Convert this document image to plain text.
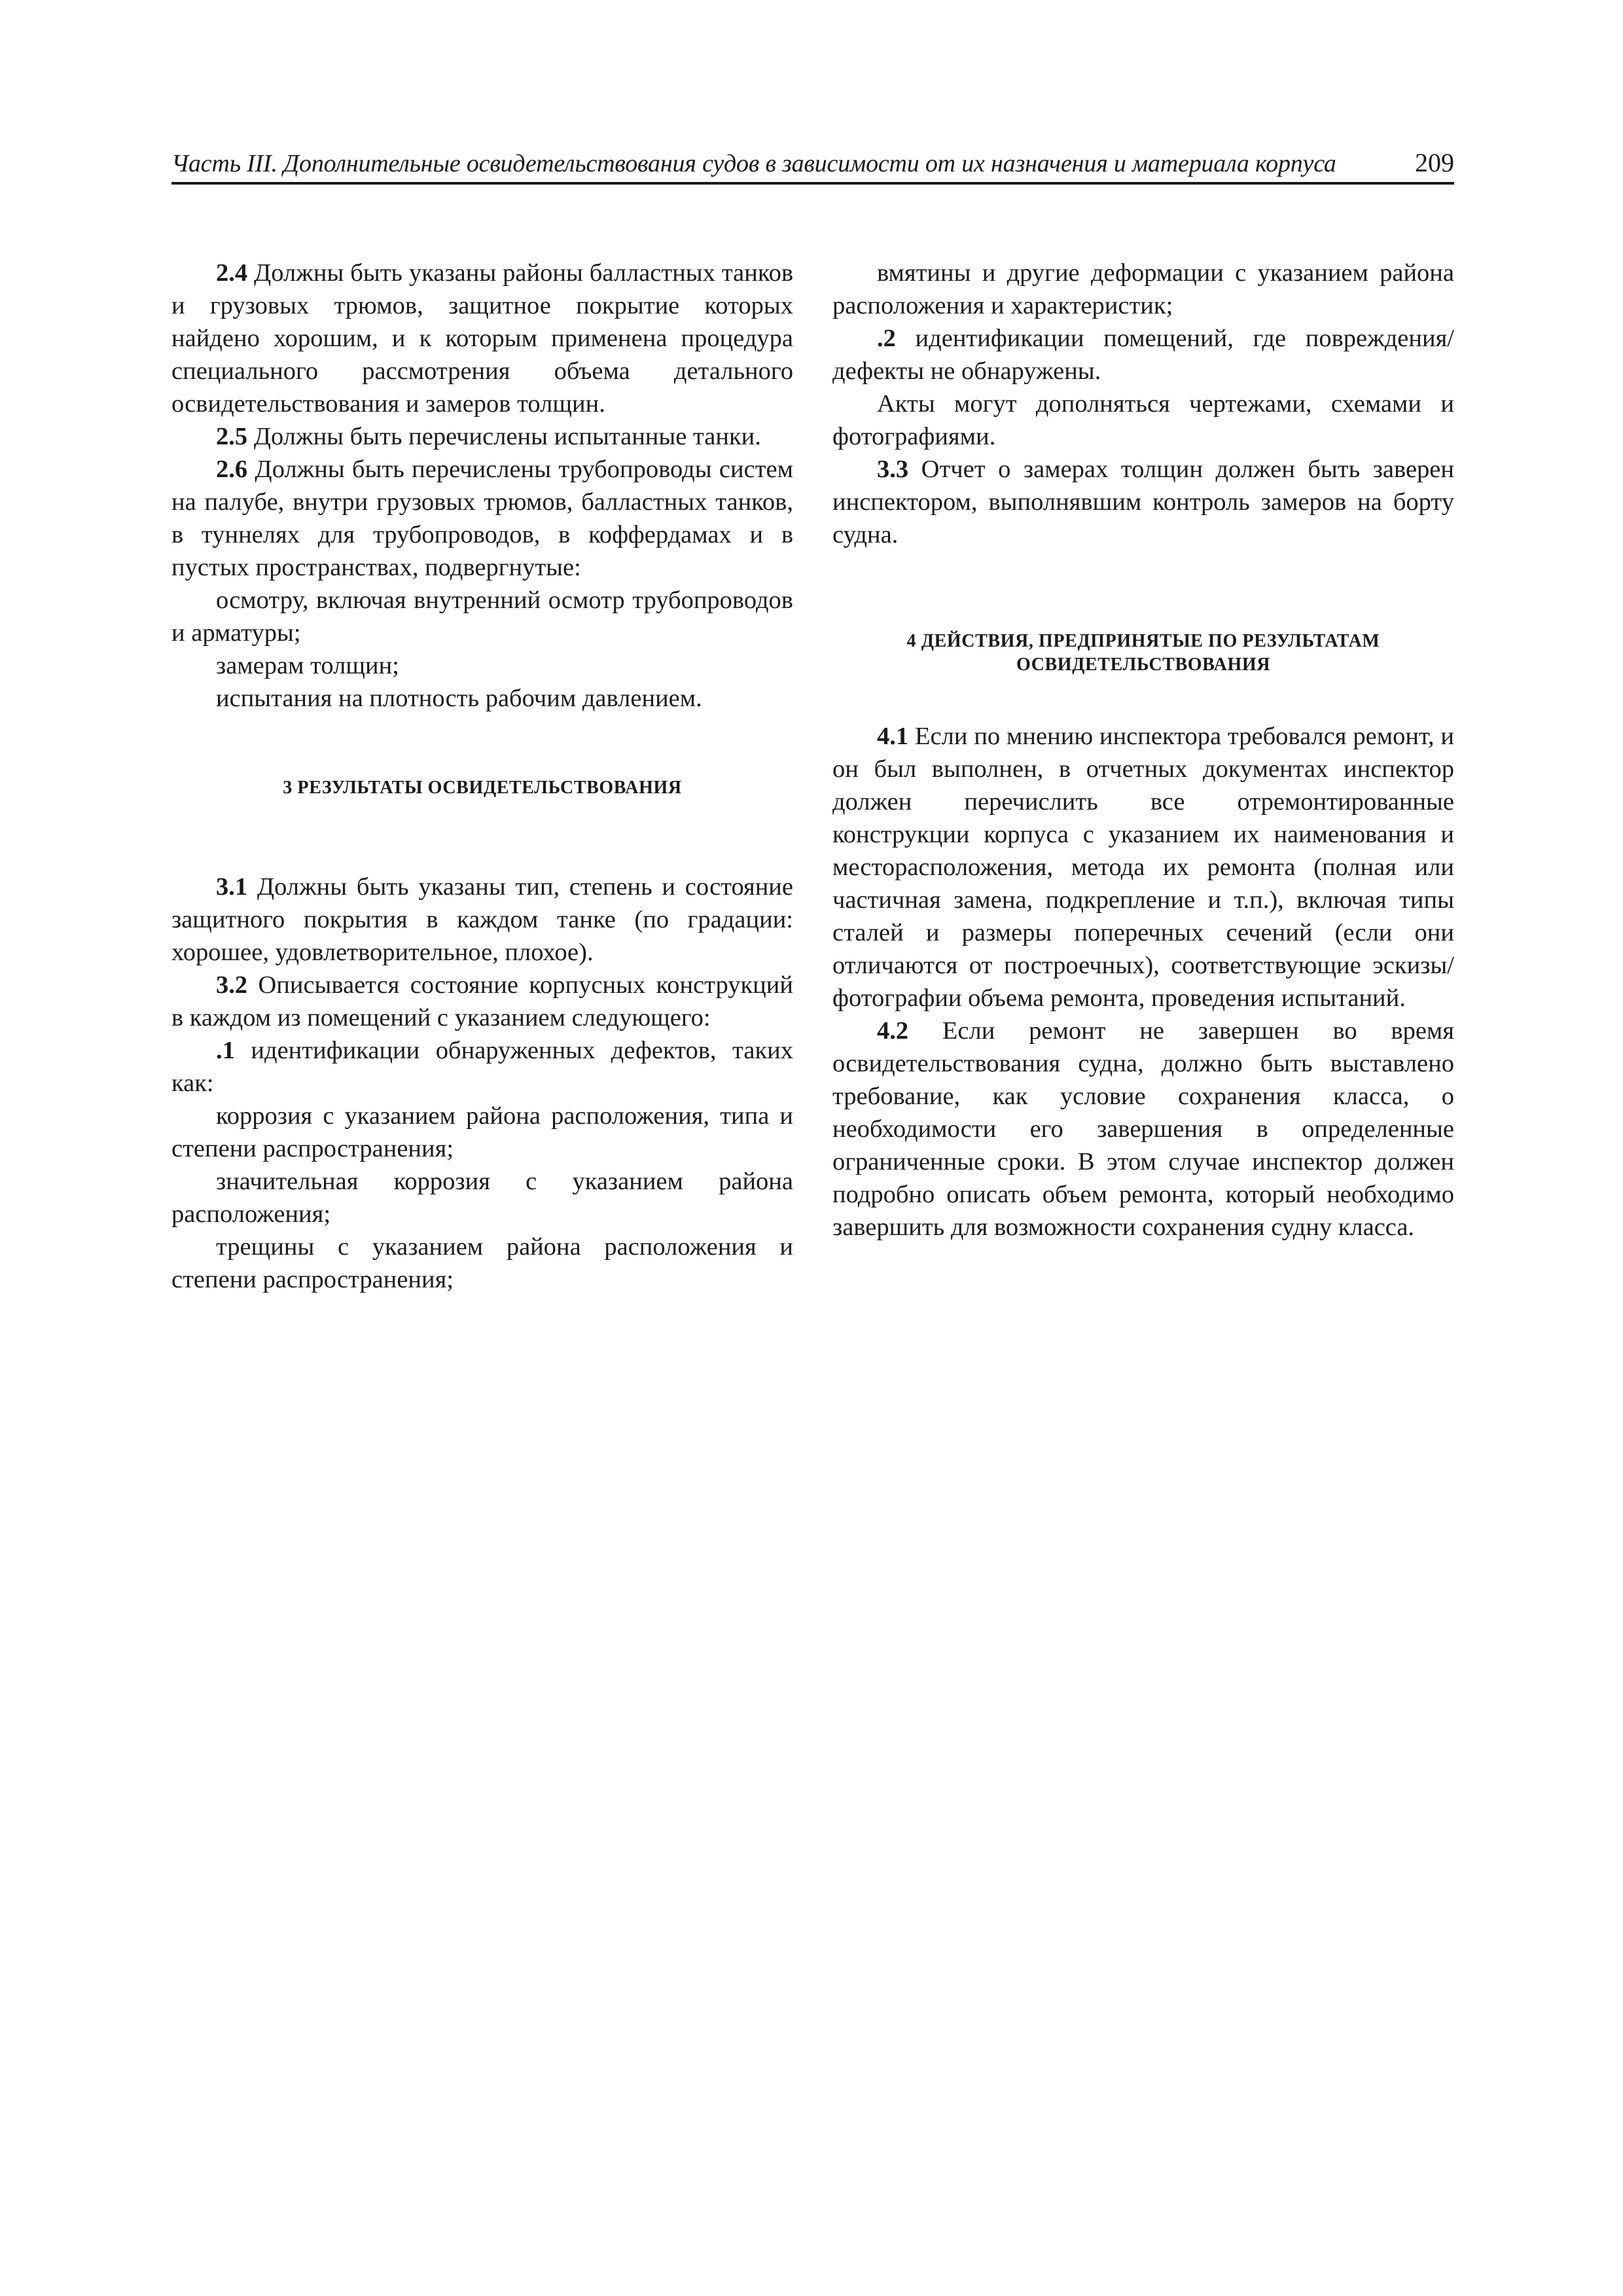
Часть III. Дополнительные освидетельствования судов в зависимости от их назначения и материала корпуса	209

2.4 Должны быть указаны районы балластных танков и грузовых трюмов, защитное покрытие которых найдено хорошим, и к которым применена процедура специального рассмотрения объема детального освидетельствования и замеров толщин.

2.5 Должны быть перечислены испытанные танки.

2.6 Должны быть перечислены трубопроводы систем на палубе, внутри грузовых трюмов, балластных танков, в туннелях для трубопроводов, в коффердамах и в пустых пространствах, подвергнутые:

осмотру, включая внутренний осмотр трубопроводов и арматуры;

замерам толщин;

испытания на плотность рабочим давлением.

3 РЕЗУЛЬТАТЫ ОСВИДЕТЕЛЬСТВОВАНИЯ

3.1 Должны быть указаны тип, степень и состояние защитного покрытия в каждом танке (по градации: хорошее, удовлетворительное, плохое).

3.2 Описывается состояние корпусных конструкций в каждом из помещений с указанием следующего:

.1 идентификации обнаруженных дефектов, таких как:

коррозия с указанием района расположения, типа и степени распространения;

значительная коррозия с указанием района расположения;

трещины с указанием района расположения и степени распространения;

вмятины и другие деформации с указанием района расположения и характеристик;

.2 идентификации помещений, где повреждения/дефекты не обнаружены.

Акты могут дополняться чертежами, схемами и фотографиями.

3.3 Отчет о замерах толщин должен быть заверен инспектором, выполнявшим контроль замеров на борту судна.

4 ДЕЙСТВИЯ, ПРЕДПРИНЯТЫЕ ПО РЕЗУЛЬТАТАМ
ОСВИДЕТЕЛЬСТВОВАНИЯ

4.1 Если по мнению инспектора требовался ремонт, и он был выполнен, в отчетных документах инспектор должен перечислить все отремонтированные конструкции корпуса с указанием их наименования и месторасположения, метода их ремонта (полная или частичная замена, подкрепление и т.п.), включая типы сталей и размеры поперечных сечений (если они отличаются от построечных), соответствующие эскизы/фотографии объема ремонта, проведения испытаний.

4.2 Если ремонт не завершен во время освидетельствования судна, должно быть выставлено требование, как условие сохранения класса, о необходимости его завершения в определенные ограниченные сроки. В этом случае инспектор должен подробно описать объем ремонта, который необходимо завершить для возможности сохранения судну класса.
